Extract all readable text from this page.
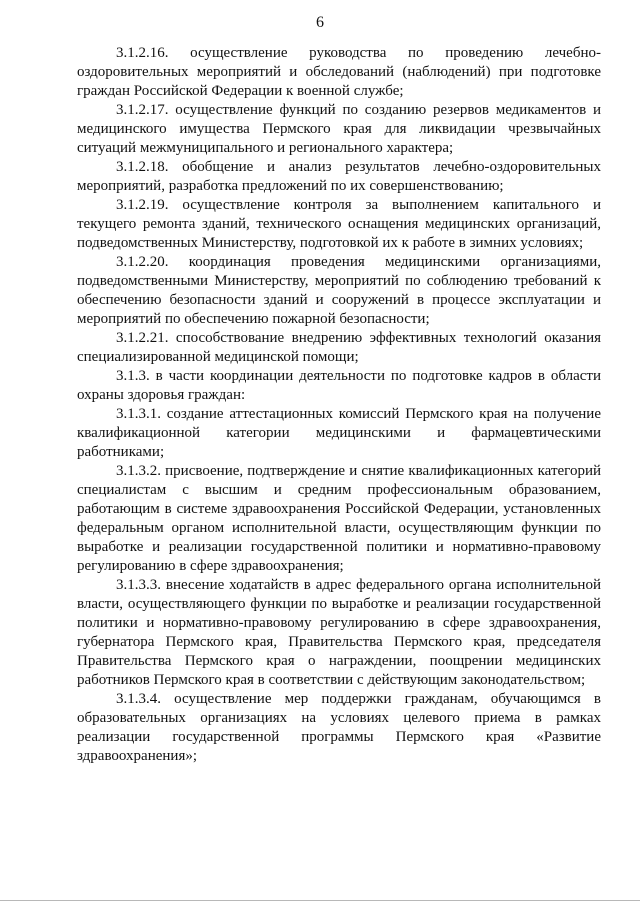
6

3.1.2.16. осуществление руководства по проведению лечебно-оздоровительных мероприятий и обследований (наблюдений) при подготовке граждан Российской Федерации к военной службе;

3.1.2.17. осуществление функций по созданию резервов медикаментов и медицинского имущества Пермского края для ликвидации чрезвычайных ситуаций межмуниципального и регионального характера;

3.1.2.18. обобщение и анализ результатов лечебно-оздоровительных мероприятий, разработка предложений по их совершенствованию;

3.1.2.19. осуществление контроля за выполнением капитального и текущего ремонта зданий, технического оснащения медицинских организаций, подведомственных Министерству, подготовкой их к работе в зимних условиях;

3.1.2.20. координация проведения медицинскими организациями, подведомственными Министерству, мероприятий по соблюдению требований к обеспечению безопасности зданий и сооружений в процессе эксплуатации и мероприятий по обеспечению пожарной безопасности;

3.1.2.21. способствование внедрению эффективных технологий оказания специализированной медицинской помощи;

3.1.3. в части координации деятельности по подготовке кадров в области охраны здоровья граждан:

3.1.3.1. создание аттестационных комиссий Пермского края на получение квалификационной категории медицинскими и фармацевтическими работниками;

3.1.3.2. присвоение, подтверждение и снятие квалификационных категорий специалистам с высшим и средним профессиональным образованием, работающим в системе здравоохранения Российской Федерации, установленных федеральным органом исполнительной власти, осуществляющим функции по выработке и реализации государственной политики и нормативно-правовому регулированию в сфере здравоохранения;

3.1.3.3. внесение ходатайств в адрес федерального органа исполнительной власти, осуществляющего функции по выработке и реализации государственной политики и нормативно-правовому регулированию в сфере здравоохранения, губернатора Пермского края, Правительства Пермского края, председателя Правительства Пермского края о награждении, поощрении медицинских работников Пермского края в соответствии с действующим законодательством;

3.1.3.4. осуществление мер поддержки гражданам, обучающимся в образовательных организациях на условиях целевого приема в рамках реализации государственной программы Пермского края «Развитие здравоохранения»;
